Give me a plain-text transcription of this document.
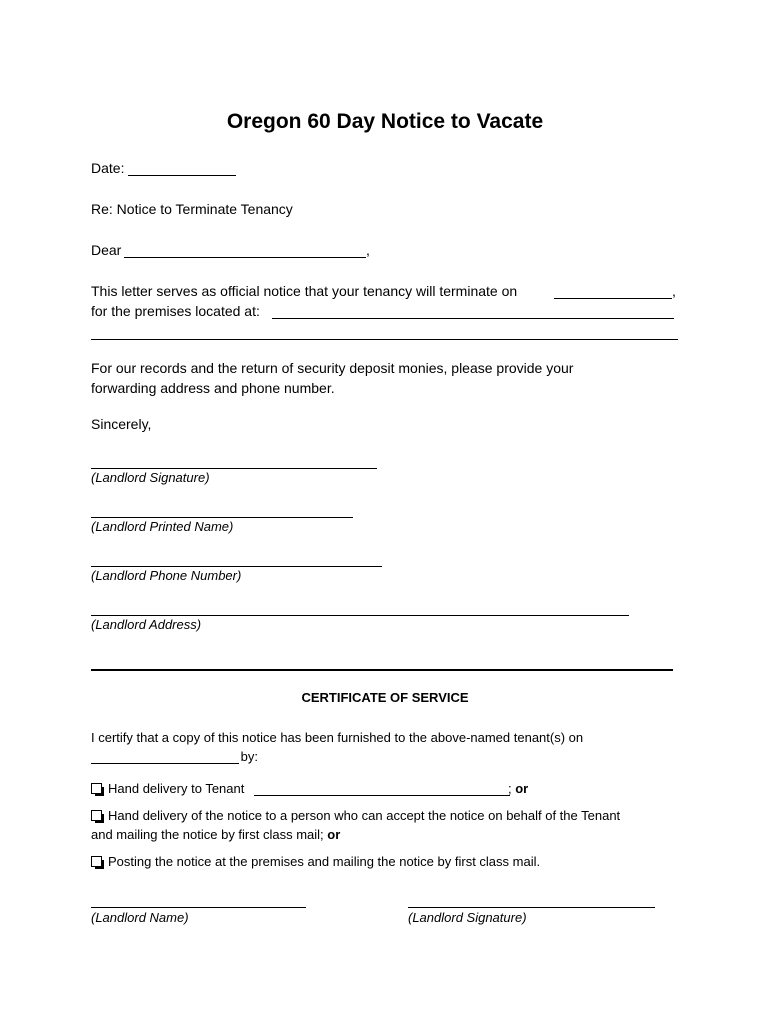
Oregon 60 Day Notice to Vacate
Date:
Re: Notice to Terminate Tenancy
Dear	,
This letter serves as official notice that your tenancy will terminate on	,
for the premises located at:
For our records and the return of security deposit monies, please provide your
forwarding address and phone number.
Sincerely,
(Landlord Signature)
(Landlord Printed Name)
(Landlord Phone Number)
(Landlord Address)
CERTIFICATE OF SERVICE
I certify that a copy of this notice has been furnished to the above-named tenant(s) on
by:
Hand delivery to Tenant	; or
Hand delivery of the notice to a person who can accept the notice on behalf of the Tenant
and mailing the notice by first class mail; or
Posting the notice at the premises and mailing the notice by first class mail.
(Landlord Name)	(Landlord Signature)
